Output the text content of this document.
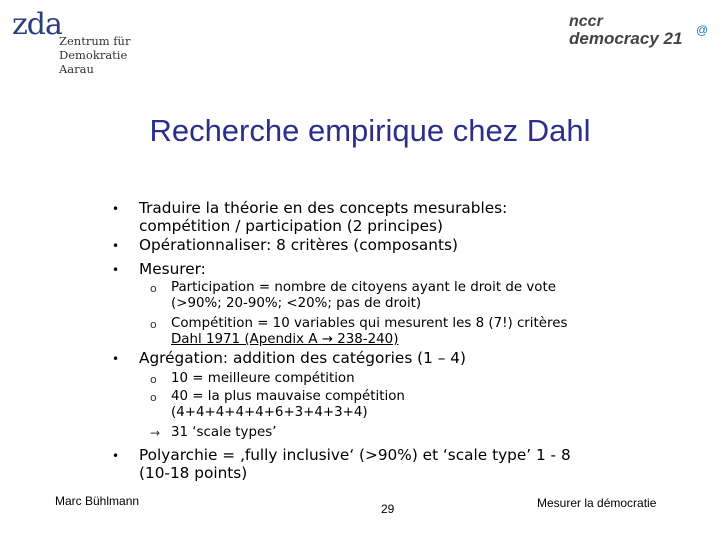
zda
Zentrum für
Demokratie
Aarau
nccr
democracy 21 @
Recherche empirique chez Dahl
• Traduire la théorie en des concepts mesurables:
compétition / participation (2 principes)
• Opérationnaliser: 8 critères (composants)
• Mesurer:
o Participation = nombre de citoyens ayant le droit de vote
(>90%; 20-90%; <20%; pas de droit)
o Compétition = 10 variables qui mesurent les 8 (7!) critères
Dahl 1971 (Apendix A → 238-240)
• Agrégation: addition des catégories (1 – 4)
o 10 = meilleure compétition
o 40 = la plus mauvaise compétition
(4+4+4+4+4+6+3+4+3+4)
→ 31 ‘scale types’
• Polyarchie = ‚fully inclusive‘ (>90%) et ‘scale type’ 1 - 8
(10-18 points)
Marc Bühlmann
29	Mesurer la démocratie
